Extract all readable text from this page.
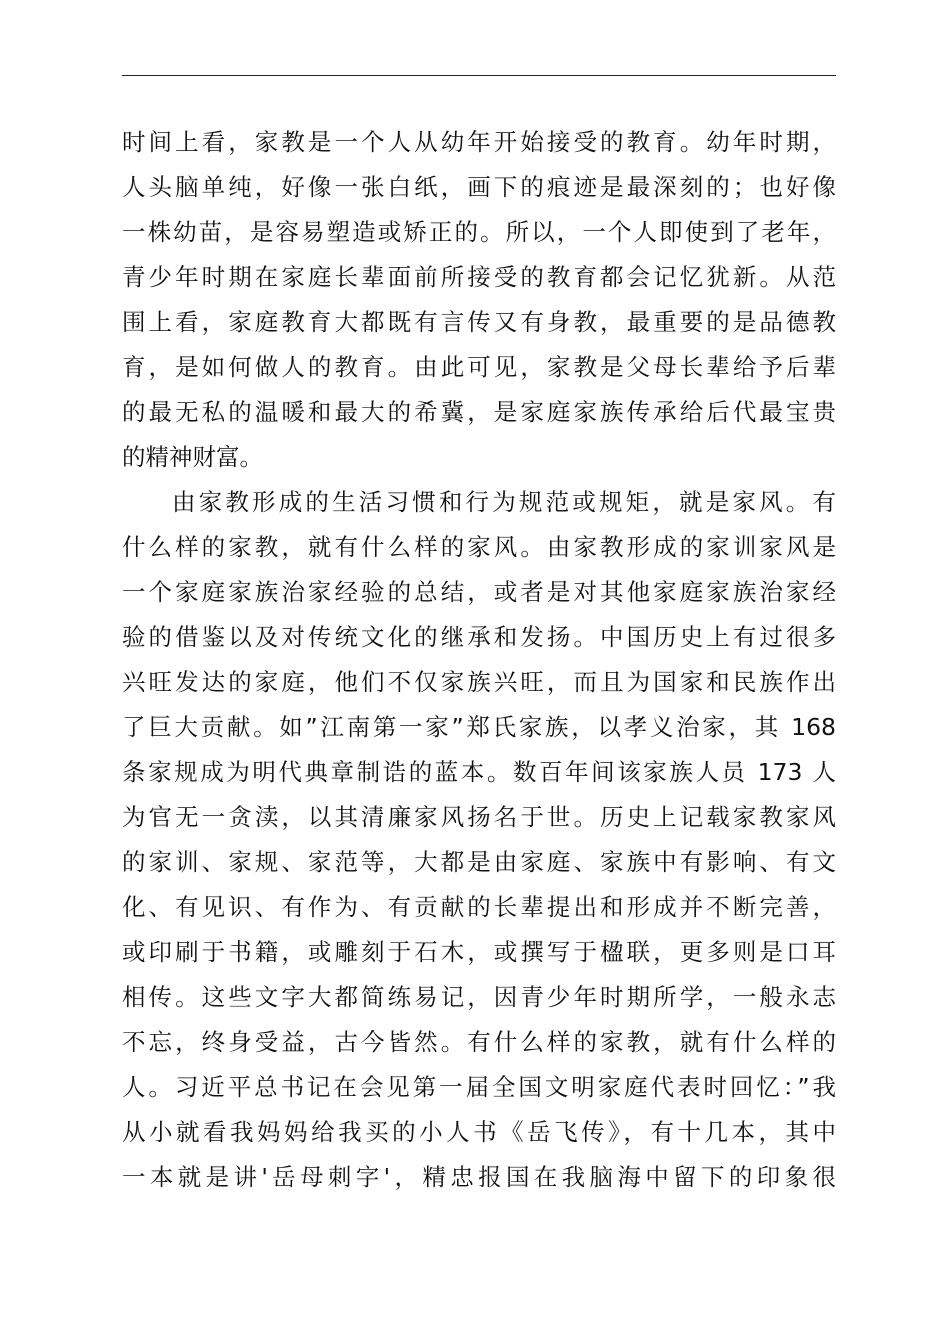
时间上看，家教是一个人从幼年开始接受的教育。幼年时期，
人头脑单纯，好像一张白纸，画下的痕迹是最深刻的；也好像
一株幼苗，是容易塑造或矫正的。所以，一个人即使到了老年，
青少年时期在家庭长辈面前所接受的教育都会记忆犹新。从范
围上看，家庭教育大都既有言传又有身教，最重要的是品德教
育，是如何做人的教育。由此可见，家教是父母长辈给予后辈
的最无私的温暖和最大的希冀，是家庭家族传承给后代最宝贵
的精神财富。
由家教形成的生活习惯和行为规范或规矩，就是家风。有
什么样的家教，就有什么样的家风。由家教形成的家训家风是
一个家庭家族治家经验的总结，或者是对其他家庭家族治家经
验的借鉴以及对传统文化的继承和发扬。中国历史上有过很多
兴旺发达的家庭，他们不仅家族兴旺，而且为国家和民族作出
了巨大贡献。如”江南第一家”郑氏家族，以孝义治家，其 168
条家规成为明代典章制诰的蓝本。数百年间该家族人员 173 人
为官无一贪渎，以其清廉家风扬名于世。历史上记载家教家风
的家训、家规、家范等，大都是由家庭、家族中有影响、有文
化、有见识、有作为、有贡献的长辈提出和形成并不断完善，
或印刷于书籍，或雕刻于石木，或撰写于楹联，更多则是口耳
相传。这些文字大都简练易记，因青少年时期所学，一般永志
不忘，终身受益，古今皆然。有什么样的家教，就有什么样的
人。习近平总书记在会见第一届全国文明家庭代表时回忆：”我
从小就看我妈妈给我买的小人书《岳飞传》，有十几本，其中
一本就是讲'岳母刺字'，精忠报国在我脑海中留下的印象很
